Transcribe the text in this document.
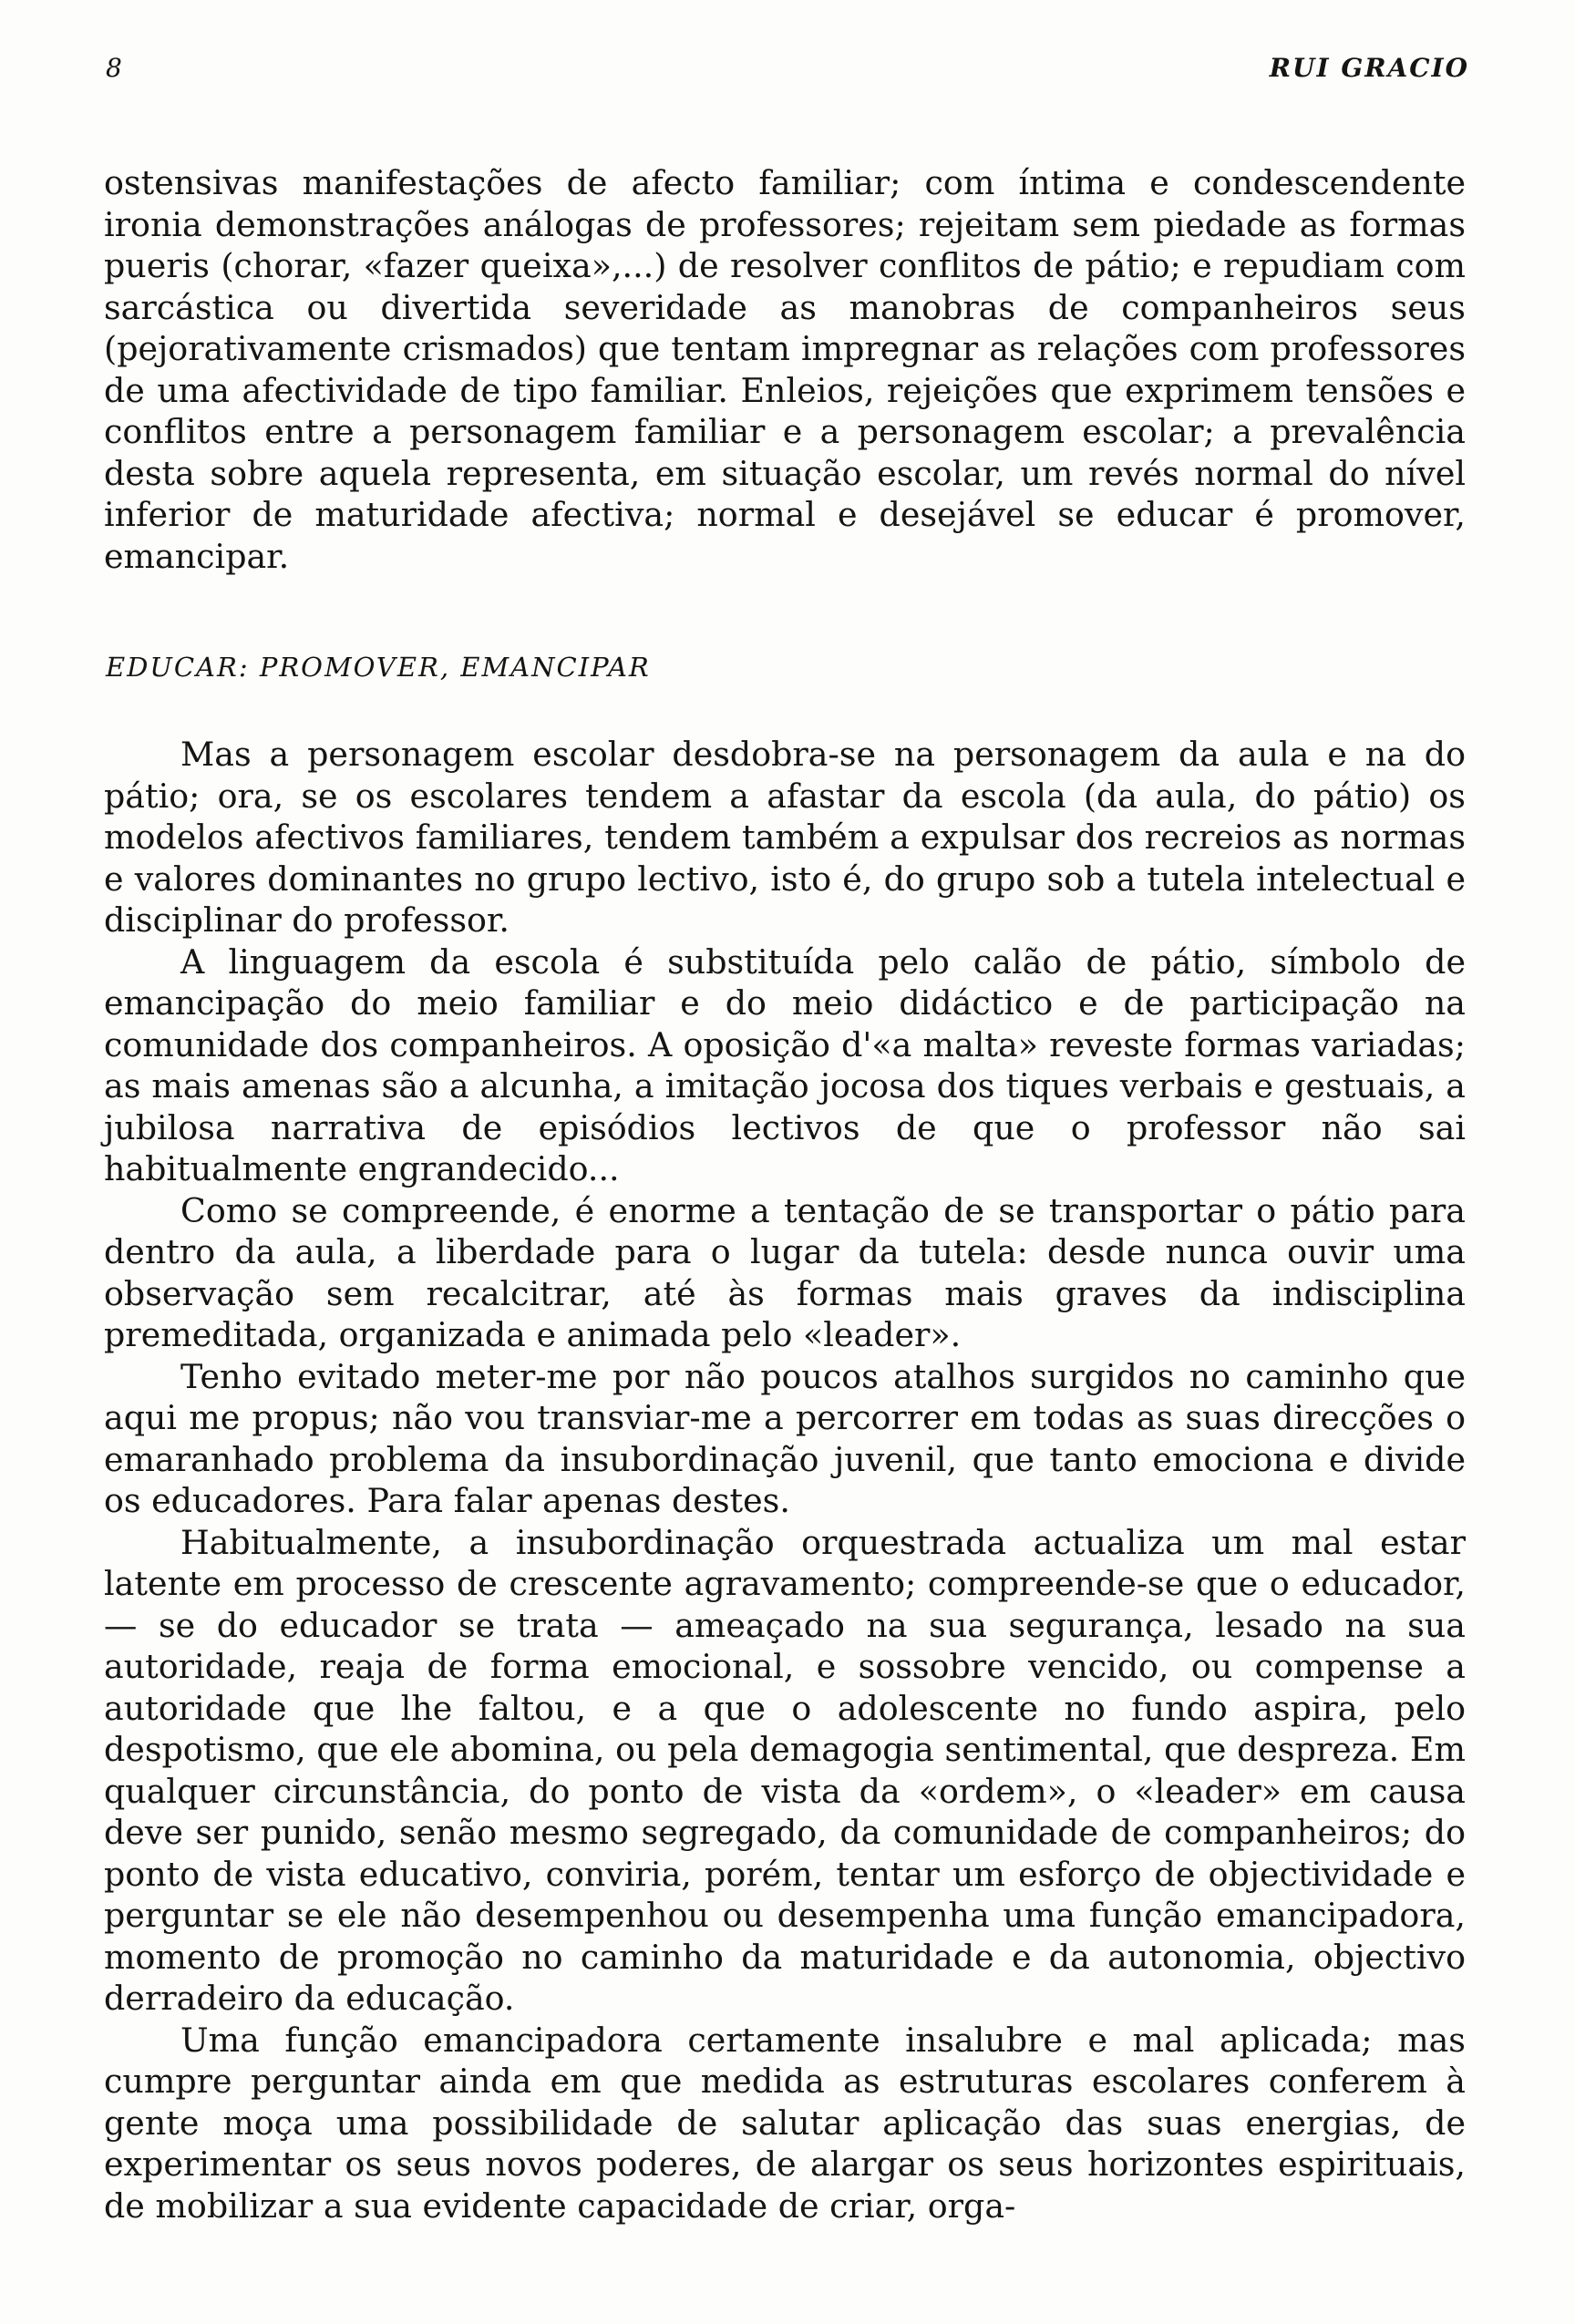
8	RUI GRACIO

ostensivas manifestações de afecto familiar; com íntima e condescendente ironia demonstrações análogas de professores; rejeitam sem piedade as formas pueris (chorar, «fazer queixa»,...) de resolver conflitos de pátio; e repudiam com sarcástica ou divertida severidade as manobras de companheiros seus (pejorativamente crismados) que tentam impregnar as relações com professores de uma afectividade de tipo familiar. Enleios, rejeições que exprimem tensões e conflitos entre a personagem familiar e a personagem escolar; a prevalência desta sobre aquela representa, em situação escolar, um revés normal do nível inferior de maturidade afectiva; normal e desejável se educar é promover, emancipar.

EDUCAR: PROMOVER, EMANCIPAR

Mas a personagem escolar desdobra-se na personagem da aula e na do pátio; ora, se os escolares tendem a afastar da escola (da aula, do pátio) os modelos afectivos familiares, tendem também a expulsar dos recreios as normas e valores dominantes no grupo lectivo, isto é, do grupo sob a tutela intelectual e disciplinar do professor.

A linguagem da escola é substituída pelo calão de pátio, símbolo de emancipação do meio familiar e do meio didáctico e de participação na comunidade dos companheiros. A oposição d'«a malta» reveste formas variadas; as mais amenas são a alcunha, a imitação jocosa dos tiques verbais e gestuais, a jubilosa narrativa de episódios lectivos de que o professor não sai habitualmente engrandecido...

Como se compreende, é enorme a tentação de se transportar o pátio para dentro da aula, a liberdade para o lugar da tutela: desde nunca ouvir uma observação sem recalcitrar, até às formas mais graves da indisciplina premeditada, organizada e animada pelo «leader».

Tenho evitado meter-me por não poucos atalhos surgidos no caminho que aqui me propus; não vou transviar-me a percorrer em todas as suas direcções o emaranhado problema da insubordinação juvenil, que tanto emociona e divide os educadores. Para falar apenas destes.

Habitualmente, a insubordinação orquestrada actualiza um mal estar latente em processo de crescente agravamento; compreende-se que o educador,— se do educador se trata — ameaçado na sua segurança, lesado na sua autoridade, reaja de forma emocional, e sossobre vencido, ou compense a autoridade que lhe faltou, e a que o adolescente no fundo aspira, pelo despotismo, que ele abomina, ou pela demagogia sentimental, que despreza. Em qualquer circunstância, do ponto de vista da «ordem», o «leader» em causa deve ser punido, senão mesmo segregado, da comunidade de companheiros; do ponto de vista educativo, conviria, porém, tentar um esforço de objectividade e perguntar se ele não desempenhou ou desempenha uma função emancipadora, momento de promoção no caminho da maturidade e da autonomia, objectivo derradeiro da educação.

Uma função emancipadora certamente insalubre e mal aplicada; mas cumpre perguntar ainda em que medida as estruturas escolares conferem à gente moça uma possibilidade de salutar aplicação das suas energias, de experimentar os seus novos poderes, de alargar os seus horizontes espirituais, de mobilizar a sua evidente capacidade de criar, orga-
